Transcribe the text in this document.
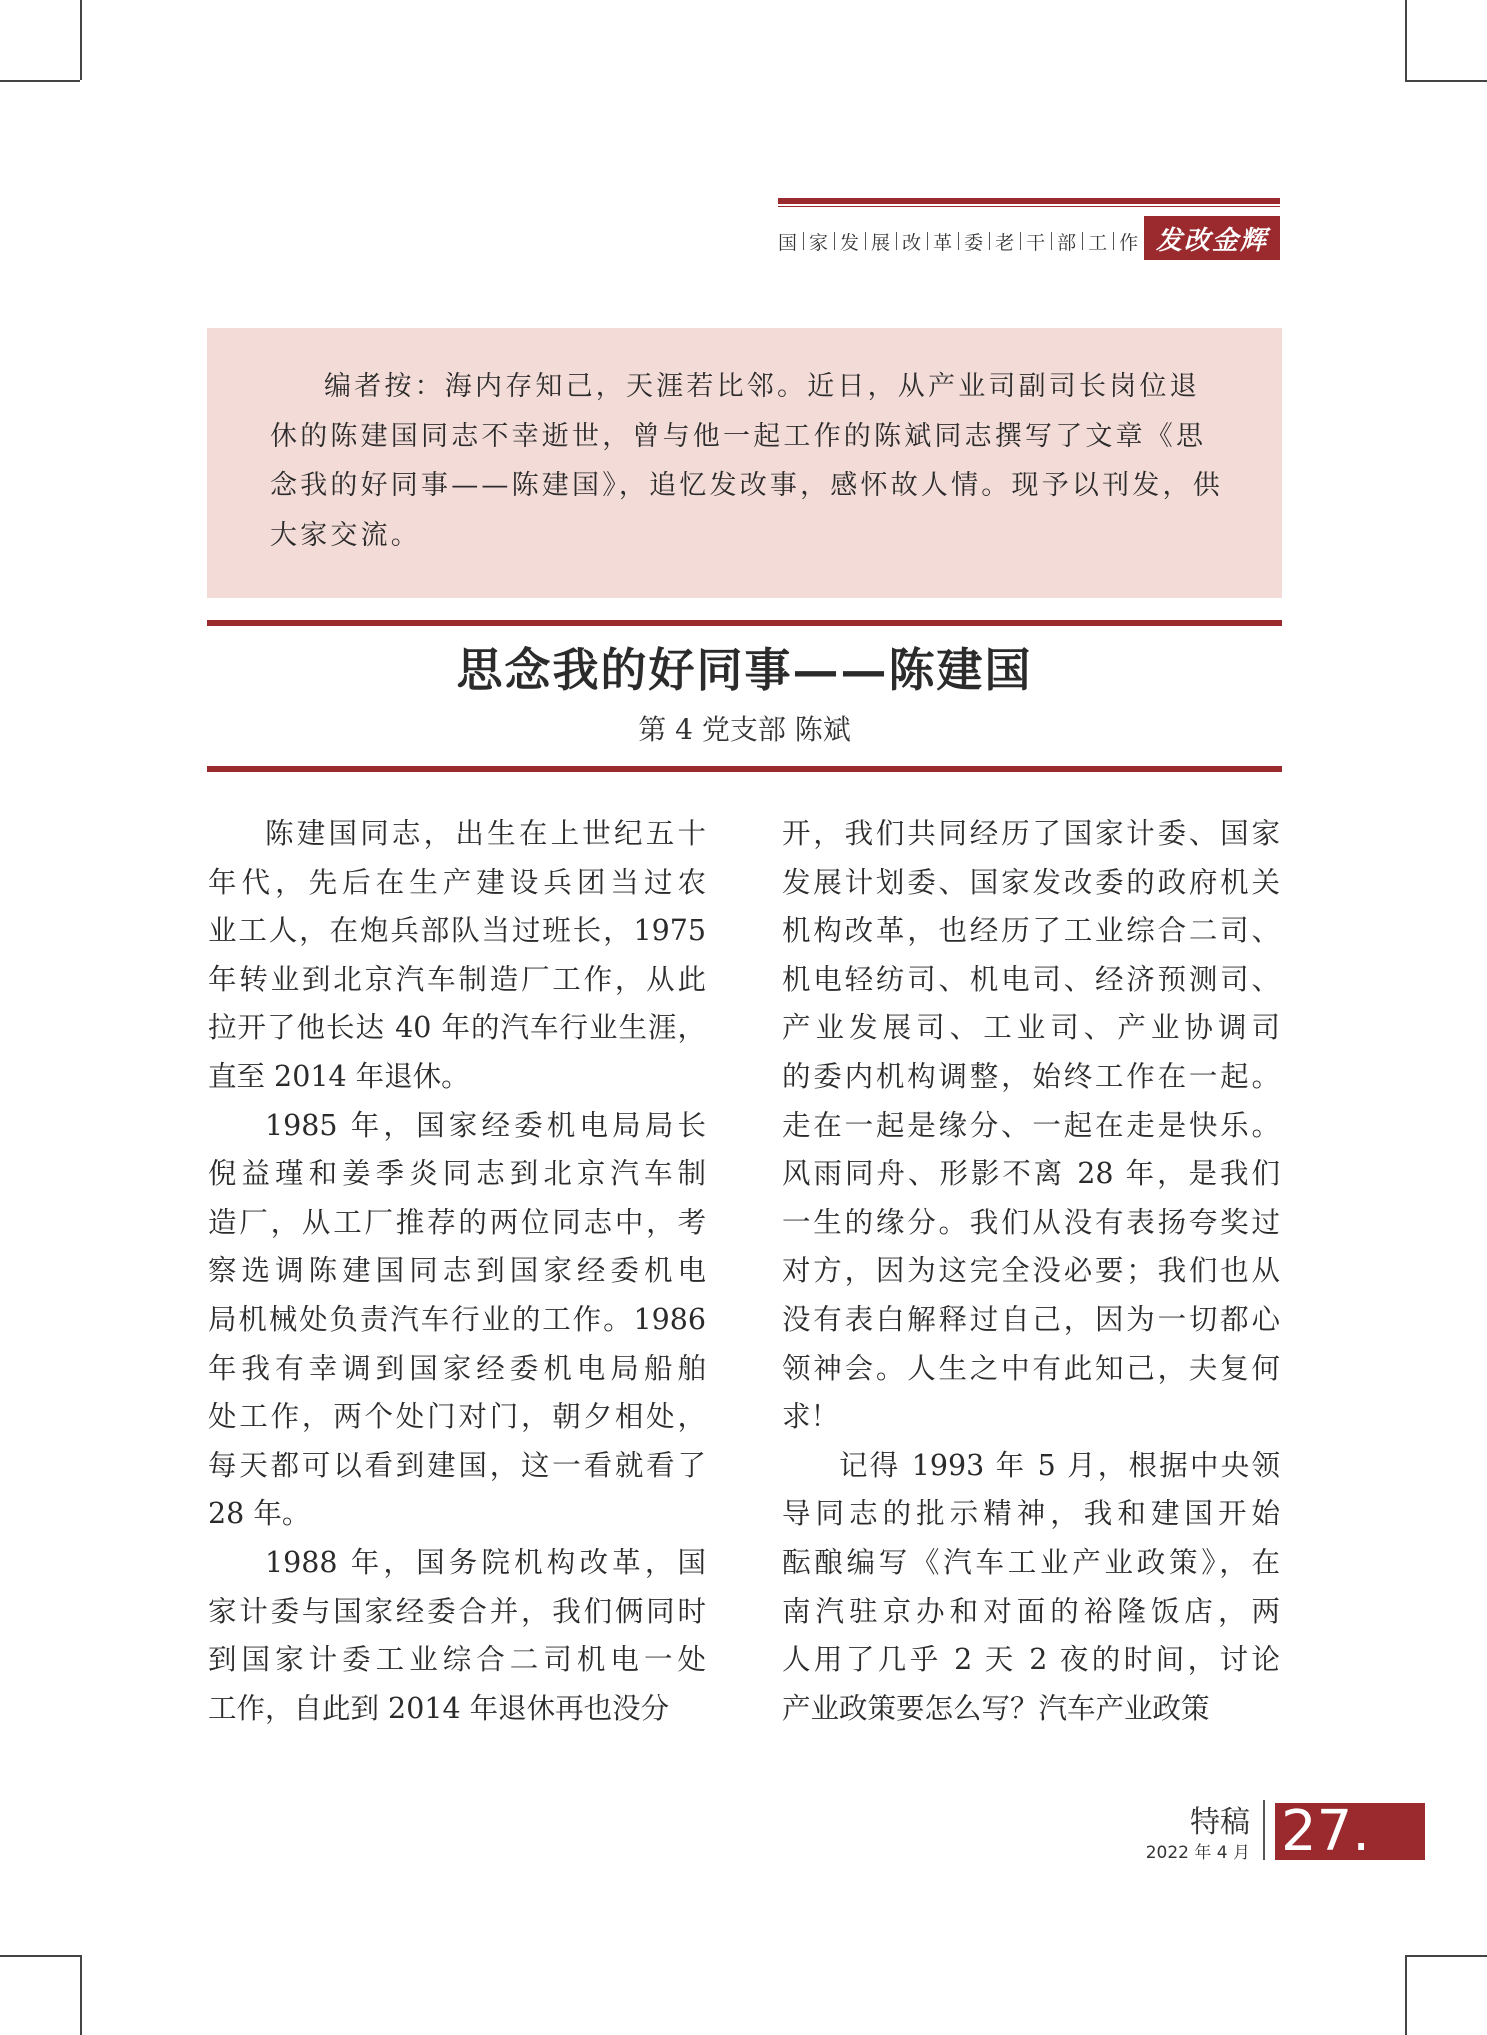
国 家 发 展 改 革 委 老 干 部 工 作 发改金辉

编者按：海内存知己，天涯若比邻。近日，从产业司副司长岗位退休的陈建国同志不幸逝世，曾与他一起工作的陈斌同志撰写了文章《思念我的好同事——陈建国》，追忆发改事，感怀故人情。现予以刊发，供大家交流。

思念我的好同事——陈建国
第 4 党支部 陈斌

陈建国同志，出生在上世纪五十
年代，先后在生产建设兵团当过农
业工人，在炮兵部队当过班长，1975
年转业到北京汽车制造厂工作，从此
拉开了他长达 40 年的汽车行业生涯，
直至 2014 年退休。

1985 年，国家经委机电局局长
倪益瑾和姜季炎同志到北京汽车制
造厂，从工厂推荐的两位同志中，考
察选调陈建国同志到国家经委机电
局机械处负责汽车行业的工作。1986
年我有幸调到国家经委机电局船舶
处工作，两个处门对门，朝夕相处，
每天都可以看到建国，这一看就看了
28 年。

1988 年，国务院机构改革，国
家计委与国家经委合并，我们俩同时
到国家计委工业综合二司机电一处
工作，自此到 2014 年退休再也没分

开，我们共同经历了国家计委、国家
发展计划委、国家发改委的政府机关
机构改革，也经历了工业综合二司、
机电轻纺司、机电司、经济预测司、
产业发展司、工业司、产业协调司
的委内机构调整，始终工作在一起。
走在一起是缘分、一起在走是快乐。
风雨同舟、形影不离 28 年，是我们
一生的缘分。我们从没有表扬夸奖过
对方，因为这完全没必要；我们也从
没有表白解释过自己，因为一切都心
领神会。人生之中有此知己，夫复何
求！

记得 1993 年 5 月，根据中央领
导同志的批示精神，我和建国开始
酝酿编写《汽车工业产业政策》，在
南汽驻京办和对面的裕隆饭店，两
人用了几乎 2 天 2 夜的时间，讨论
产业政策要怎么写？汽车产业政策

特稿
2022 年 4 月 27.
